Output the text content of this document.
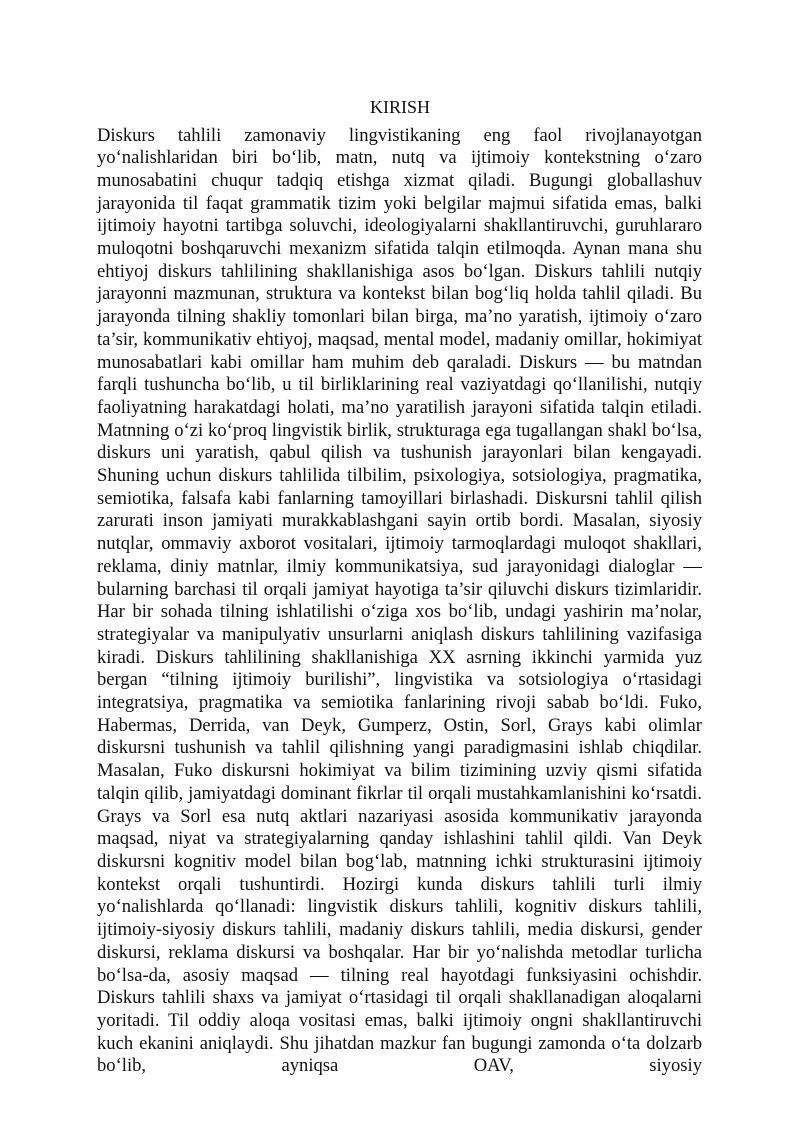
KIRISH

Diskurs tahlili zamonaviy lingvistikaning eng faol rivojlanayotgan yo‘nalishlaridan biri bo‘lib, matn, nutq va ijtimoiy kontekstning o‘zaro munosabatini chuqur tadqiq etishga xizmat qiladi. Bugungi globallashuv jarayonida til faqat grammatik tizim yoki belgilar majmui sifatida emas, balki ijtimoiy hayotni tartibga soluvchi, ideologiyalarni shakllantiruvchi, guruhlararo muloqotni boshqaruvchi mexanizm sifatida talqin etilmoqda. Aynan mana shu ehtiyoj diskurs tahlilining shakllanishiga asos bo‘lgan. Diskurs tahlili nutqiy jarayonni mazmunan, struktura va kontekst bilan bog‘liq holda tahlil qiladi. Bu jarayonda tilning shakliy tomonlari bilan birga, ma’no yaratish, ijtimoiy o‘zaro ta’sir, kommunikativ ehtiyoj, maqsad, mental model, madaniy omillar, hokimiyat munosabatlari kabi omillar ham muhim deb qaraladi. Diskurs — bu matndan farqli tushuncha bo‘lib, u til birliklarining real vaziyatdagi qo‘llanilishi, nutqiy faoliyatning harakatdagi holati, ma’no yaratilish jarayoni sifatida talqin etiladi. Matnning o‘zi ko‘proq lingvistik birlik, strukturaga ega tugallangan shakl bo‘lsa, diskurs uni yaratish, qabul qilish va tushunish jarayonlari bilan kengayadi. Shuning uchun diskurs tahlilida tilbilim, psixologiya, sotsiologiya, pragmatika, semiotika, falsafa kabi fanlarning tamoyillari birlashadi. Diskursni tahlil qilish zarurati inson jamiyati murakkablashgani sayin ortib bordi. Masalan, siyosiy nutqlar, ommaviy axborot vositalari, ijtimoiy tarmoqlardagi muloqot shakllari, reklama, diniy matnlar, ilmiy kommunikatsiya, sud jarayonidagi dialoglar — bularning barchasi til orqali jamiyat hayotiga ta’sir qiluvchi diskurs tizimlaridir. Har bir sohada tilning ishlatilishi o‘ziga xos bo‘lib, undagi yashirin ma’nolar, strategiyalar va manipulyativ unsurlarni aniqlash diskurs tahlilining vazifasiga kiradi. Diskurs tahlilining shakllanishiga XX asrning ikkinchi yarmida yuz bergan “tilning ijtimoiy burilishi”, lingvistika va sotsiologiya o‘rtasidagi integratsiya, pragmatika va semiotika fanlarining rivoji sabab bo‘ldi. Fuko, Habermas, Derrida, van Deyk, Gumperz, Ostin, Sorl, Grays kabi olimlar diskursni tushunish va tahlil qilishning yangi paradigmasini ishlab chiqdilar. Masalan, Fuko diskursni hokimiyat va bilim tizimining uzviy qismi sifatida talqin qilib, jamiyatdagi dominant fikrlar til orqali mustahkamlanishini ko‘rsatdi. Grays va Sorl esa nutq aktlari nazariyasi asosida kommunikativ jarayonda maqsad, niyat va strategiyalarning qanday ishlashini tahlil qildi. Van Deyk diskursni kognitiv model bilan bog‘lab, matnning ichki strukturasini ijtimoiy kontekst orqali tushuntirdi. Hozirgi kunda diskurs tahlili turli ilmiy yo‘nalishlarda qo‘llanadi: lingvistik diskurs tahlili, kognitiv diskurs tahlili, ijtimoiy-siyosiy diskurs tahlili, madaniy diskurs tahlili, media diskursi, gender diskursi, reklama diskursi va boshqalar. Har bir yo‘nalishda metodlar turlicha bo‘lsa-da, asosiy maqsad — tilning real hayotdagi funksiyasini ochishdir. Diskurs tahlili shaxs va jamiyat o‘rtasidagi til orqali shakllanadigan aloqalarni yoritadi. Til oddiy aloqa vositasi emas, balki ijtimoiy ongni shakllantiruvchi kuch ekanini aniqlaydi. Shu jihatdan mazkur fan bugungi zamonda o‘ta dolzarb bo‘lib, ayniqsa OAV, siyosiy
